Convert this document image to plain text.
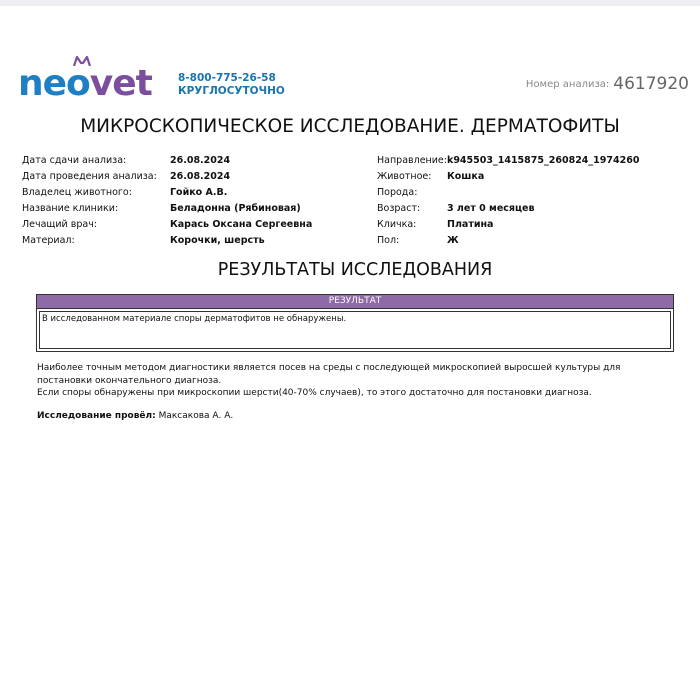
ne
ovet 8-800-775-26-58
КРУГЛОСУТОЧНО
Номер анализа: 4617920
МИКРОСКОПИЧЕСКОЕ ИССЛЕДОВАНИЕ. ДЕРМАТОФИТЫ
Дата сдачи анализа:	26.08.2024
Дата проведения анализа:	26.08.2024
Владелец животного:	Гойко А.В.
Название клиники:	Беладонна (Рябиновая)
Лечащий врач:	Карась Оксана Сергеевна
Материал:	Корочки, шерсть
Направление: k945503_1415875_260824_1974260
Животное:	Кошка
Порода:
Возраст:	3 лет 0 месяцев
Кличка:	Платина
Пол:	Ж
РЕЗУЛЬТАТЫ ИССЛЕДОВАНИЯ
РЕЗУЛЬТАТ
В исследованном материале споры дерматофитов не обнаружены.
Наиболее точным методом диагностики является посев на среды с последующей микроскопией выросшей культуры для постановки окончательного диагноза.
Если споры обнаружены при микроскопии шерсти(40-70% случаев), то этого достаточно для постановки диагноза.
Исследование провёл: Максакова А. А.
